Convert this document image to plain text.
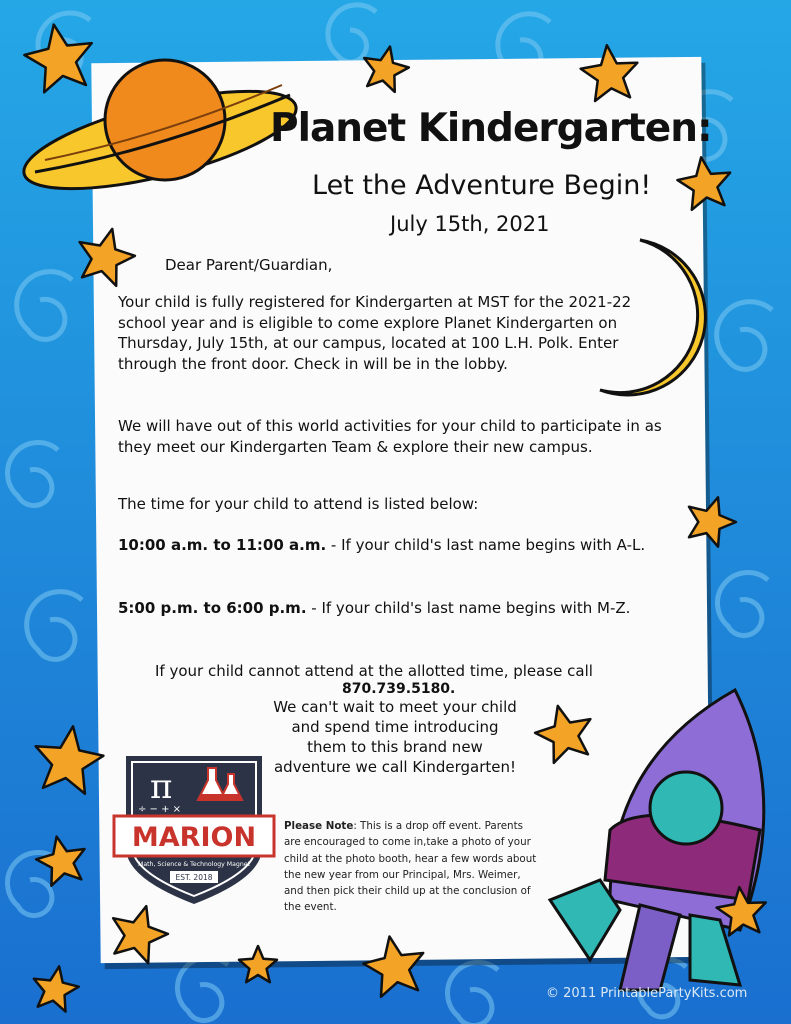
Planet Kindergarten:
Let the Adventure Begin!
July 15th, 2021
Dear Parent/Guardian,
Your child is fully registered for Kindergarten at MST for the 2021-22 school year and is eligible to come explore Planet Kindergarten on Thursday, July 15th, at our campus, located at 100 L.H. Polk. Enter through the front door. Check in will be in the lobby.
We will have out of this world activities for your child to participate in as they meet our Kindergarten Team & explore their new campus.
The time for your child to attend is listed below:
10:00 a.m. to 11:00 a.m. - If your child's last name begins with A-L.
5:00 p.m. to 6:00 p.m. - If your child's last name begins with M-Z.
If your child cannot attend at the allotted time, please call
870.739.5180.
We can't wait to meet your child and spend time introducing them to this brand new adventure we call Kindergarten!
Please Note: This is a drop off event. Parents are encouraged to come in,take a photo of your child at the photo booth, hear a few words about the new year from our Principal, Mrs. Weimer, and then pick their child up at the conclusion of the event.
π
÷ − + ×
MARION
Math, Science & Technology Magnet
EST. 2018
© 2011 PrintablePartyKits.com
